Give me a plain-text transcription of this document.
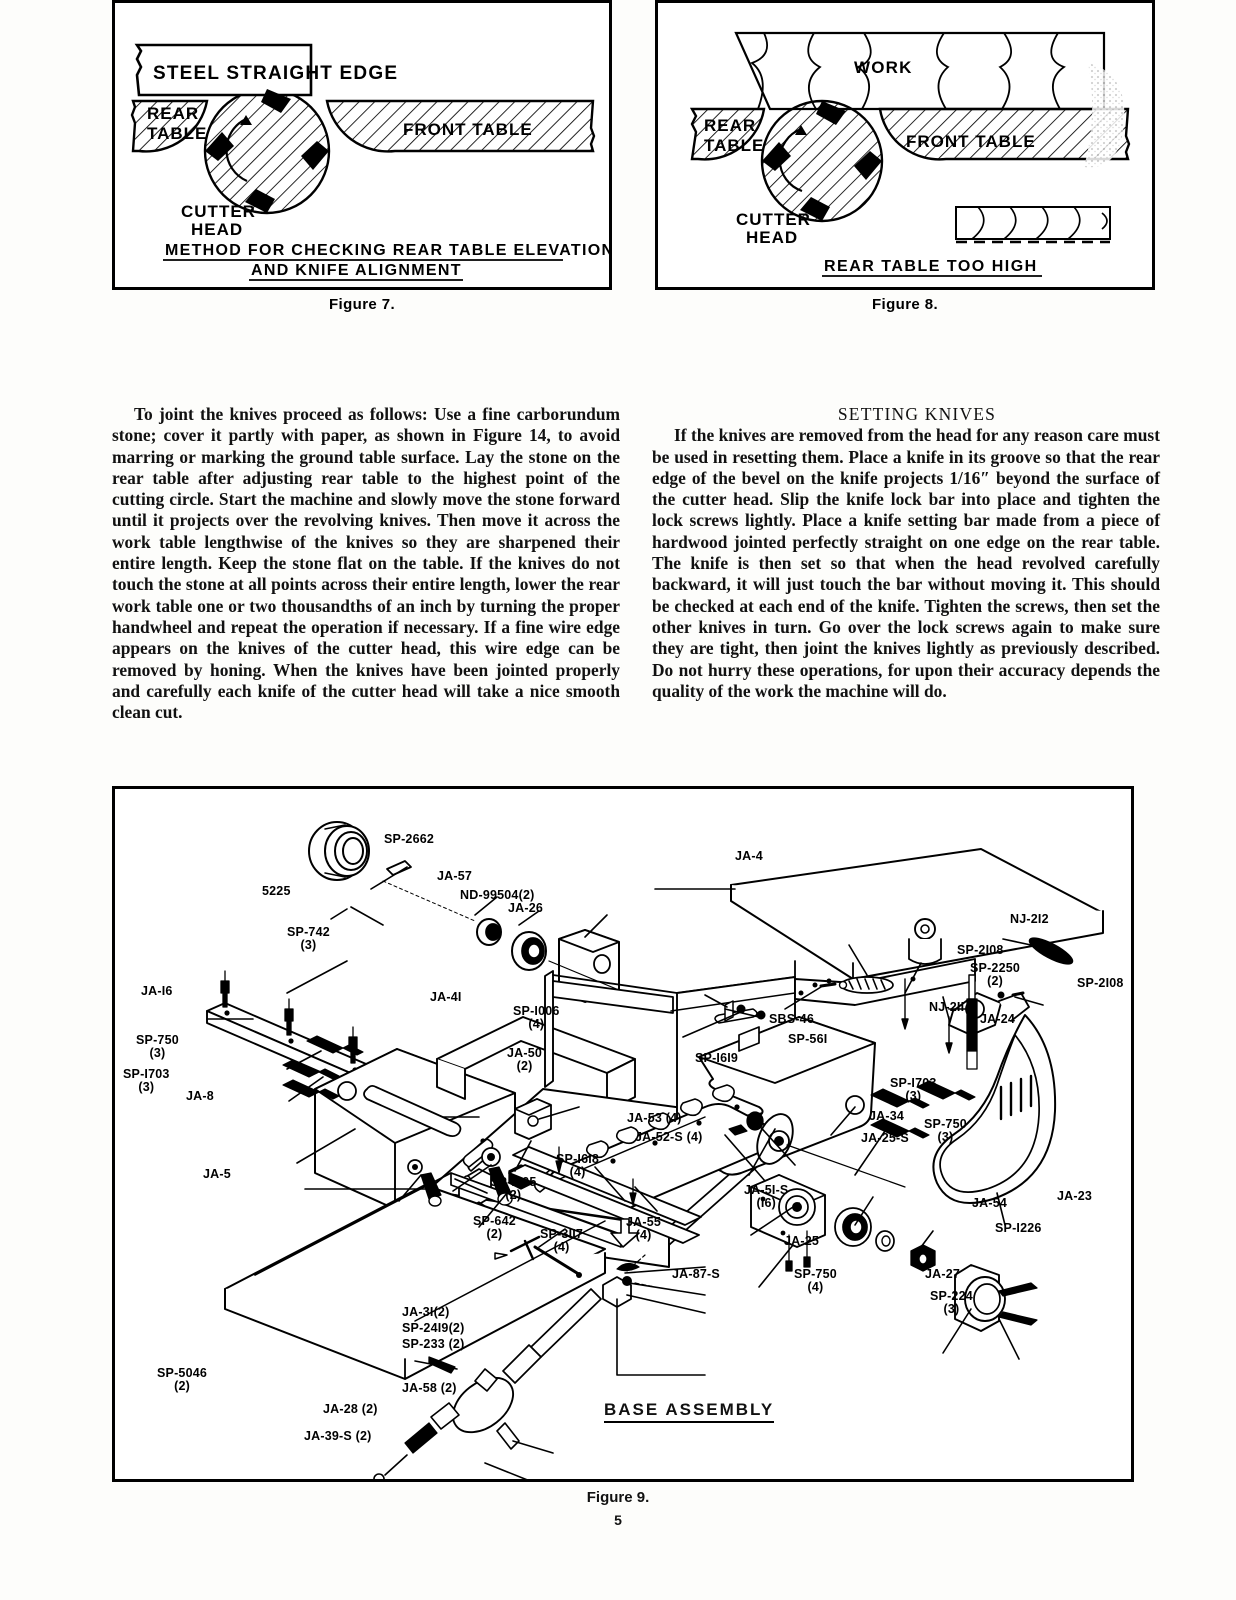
STEEL STRAIGHT EDGE
REAR
TABLE	FRONT TABLE
CUTTER
HEAD
METHOD FOR CHECKING REAR TABLE ELEVATION
AND KNIFE ALIGNMENT
Figure 7.
WORK
REAR
TABLE	FRONT TABLE
CUTTER
HEAD
REAR TABLE TOO HIGH
Figure 8.

To joint the knives proceed as follows: Use a fine carborundum stone; cover it partly with paper, as shown in Figure 14, to avoid marring or marking the ground table surface. Lay the stone on the rear table after adjusting rear table to the highest point of the cutting circle. Start the machine and slowly move the stone forward until it projects over the revolving knives. Then move it across the work table lengthwise of the knives so they are sharpened their entire length. Keep the stone flat on the table. If the knives do not touch the stone at all points across their entire length, lower the rear work table one or two thousandths of an inch by turning the proper handwheel and repeat the operation if necessary. If a fine wire edge appears on the knives of the cutter head, this wire edge can be removed by honing. When the knives have been jointed properly and carefully each knife of the cutter head will take a nice smooth clean cut.

SETTING KNIVES

If the knives are removed from the head for any reason care must be used in resetting them. Place a knife in its groove so that the rear edge of the bevel on the knife projects 1/16″ beyond the surface of the cutter head. Slip the knife lock bar into place and tighten the lock screws lightly. Place a knife setting bar made from a piece of hardwood jointed perfectly straight on one edge on the rear table. The knife is then set so that when the head revolved carefully backward, it will just touch the bar without moving it. This should be checked at each end of the knife. Tighten the screws, then set the other knives in turn. Go over the lock screws again to make sure they are tight, then joint the knives lightly as previously described. Do not hurry these operations, for upon their accuracy depends the quality of the work the machine will do.

SP-2662
5225
JA-57
ND-99504(2)
JA-26
SP-742
(3)
JA-I6
SP-750
(3)
SP-I703
(3)
JA-8
JA-4I
SP-I006
(4)
JA-50
(2)
JA-5
SP-I605
(2)
SP-I6I8
(4)
SP-642
(2)	SP-3II7
(4)
JA-55
(4)
JA-53 (4)
JA-52-S (4)
JA-5I-S
(I6)
JA-87-S
JA-4
SBS-46
SP-56I
SP-I6I9
NJ-2II
SP-2I08
SP-2250
(2)
NJ-2I2
SP-2I08
JA-24
JA-34
SP-I703
(3)
SP-750
(3)
JA-25-S
JA-25
SP-750
(4)
JA-54
SP-I226
JA-27
SP-224
(3)
JA-23
JA-3I(2)
SP-24I9(2)
SP-233 (2)
JA-58 (2)
SP-5046
(2)
JA-28 (2)
JA-39-S (2)
BASE ASSEMBLY
Figure 9.
5
